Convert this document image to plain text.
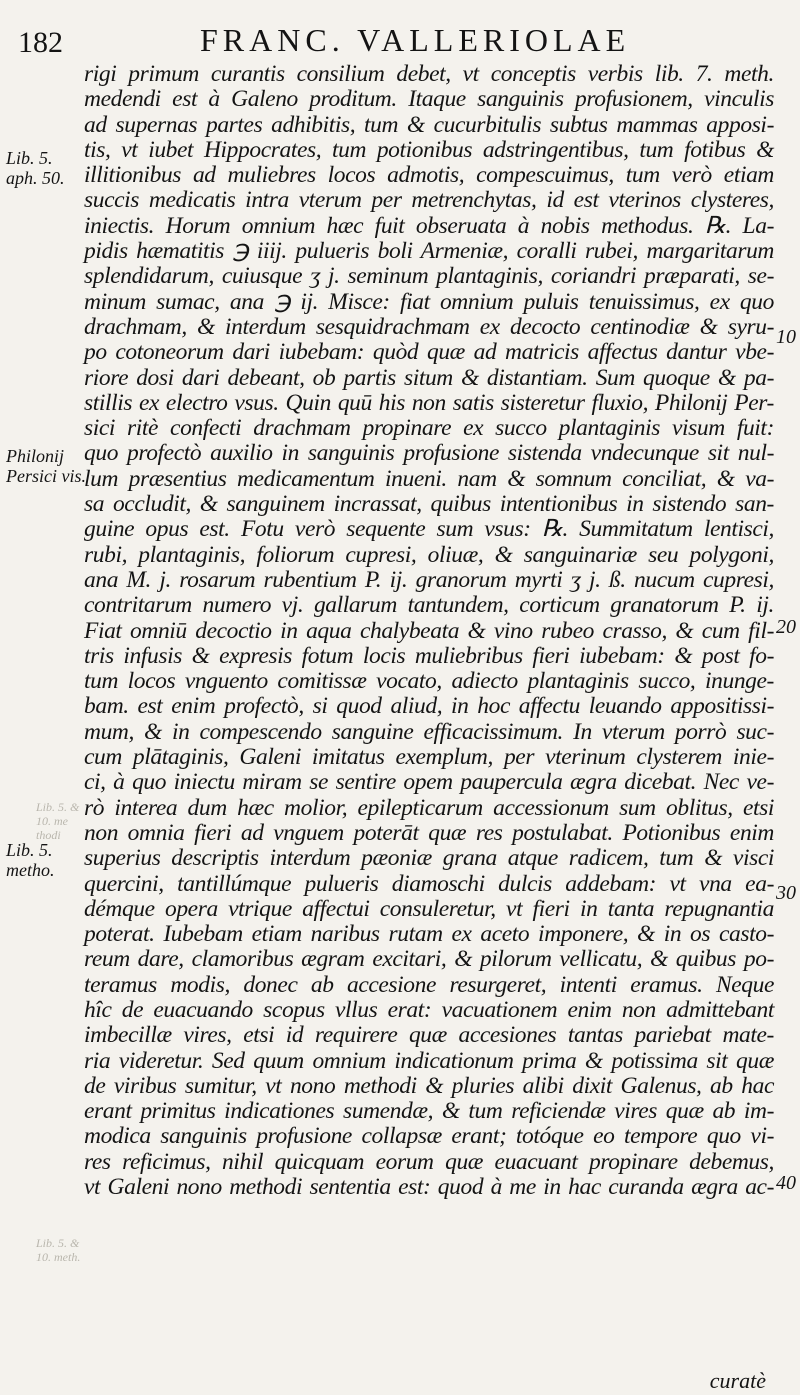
182	FRANC. VALLERIOLAE
Lib. 5. aph. 50.
Philonij Persici vis.
Lib. 5. metho.
Lib. 5. &
10. me
thodi
Lib. 5. &
10. meth.
rigi primum curantis consilium debet, vt conceptis verbis lib. 7. meth.
medendi est à Galeno proditum. Itaque sanguinis profusionem, vinculis
ad supernas partes adhibitis, tum & cucurbitulis subtus mammas apposi-
tis, vt iubet Hippocrates, tum potionibus adstringentibus, tum fotibus &
illitionibus ad muliebres locos admotis, compescuimus, tum verò etiam
succis medicatis intra vterum per metrenchytas, id est vterinos clysteres,
iniectis. Horum omnium hæc fuit obseruata à nobis methodus. ℞. La-
pidis hæmatitis ℈ iiij. pulueris boli Armeniæ, coralli rubei, margaritarum
splendidarum, cuiusque ʒ j. seminum plantaginis, coriandri præparati, se-
minum sumac, ana ℈ ij. Misce: fiat omnium puluis tenuissimus, ex quo
drachmam, & interdum sesquidrachmam ex decocto centinodiæ & syru-
po cotoneorum dari iubebam: quòd quæ ad matricis affectus dantur vbe-
riore dosi dari debeant, ob partis situm & distantiam. Sum quoque & pa-
stillis ex electro vsus. Quin quū his non satis sisteretur fluxio, Philonij Per-
sici ritè confecti drachmam propinare ex succo plantaginis visum fuit:
quo profectò auxilio in sanguinis profusione sistenda vndecunque sit nul-
lum præsentius medicamentum inueni. nam & somnum conciliat, & va-
sa occludit, & sanguinem incrassat, quibus intentionibus in sistendo san-
guine opus est. Fotu verò sequente sum vsus: ℞. Summitatum lentisci,
rubi, plantaginis, foliorum cupresi, oliuæ, & sanguinariæ seu polygoni,
ana M. j. rosarum rubentium P. ij. granorum myrti ʒ j. ß. nucum cupresi,
contritarum numero vj. gallarum tantundem, corticum granatorum P. ij.
Fiat omniū decoctio in aqua chalybeata & vino rubeo crasso, & cum fil-
tris infusis & expresis fotum locis muliebribus fieri iubebam: & post fo-
tum locos vnguento comitissæ vocato, adiecto plantaginis succo, inunge-
bam. est enim profectò, si quod aliud, in hoc affectu leuando appositissi-
mum, & in compescendo sanguine efficacissimum. In vterum porrò suc-
cum plātaginis, Galeni imitatus exemplum, per vterinum clysterem inie-
ci, à quo iniectu miram se sentire opem paupercula ægra dicebat. Nec ve-
rò interea dum hæc molior, epilepticarum accessionum sum oblitus, etsi
non omnia fieri ad vnguem poterāt quæ res postulabat. Potionibus enim
superius descriptis interdum pæoniæ grana atque radicem, tum & visci
quercini, tantillúmque pulueris diamoschi dulcis addebam: vt vna ea-
démque opera vtrique affectui consuleretur, vt fieri in tanta repugnantia
poterat. Iubebam etiam naribus rutam ex aceto imponere, & in os casto-
reum dare, clamoribus ægram excitari, & pilorum vellicatu, & quibus po-
teramus modis, donec ab accesione resurgeret, intenti eramus. Neque
hîc de euacuando scopus vllus erat: vacuationem enim non admittebant
imbecillæ vires, etsi id requirere quæ accesiones tantas pariebat mate-
ria videretur. Sed quum omnium indicationum prima & potissima sit quæ
de viribus sumitur, vt nono methodi & pluries alibi dixit Galenus, ab hac
erant primitus indicationes sumendæ, & tum reficiendæ vires quæ ab im-
modica sanguinis profusione collapsæ erant; totóque eo tempore quo vi-
res reficimus, nihil quicquam eorum quæ euacuant propinare debemus,
vt Galeni nono methodi sententia est: quod à me in hac curanda ægra ac-
10
20
30
40
curatè
